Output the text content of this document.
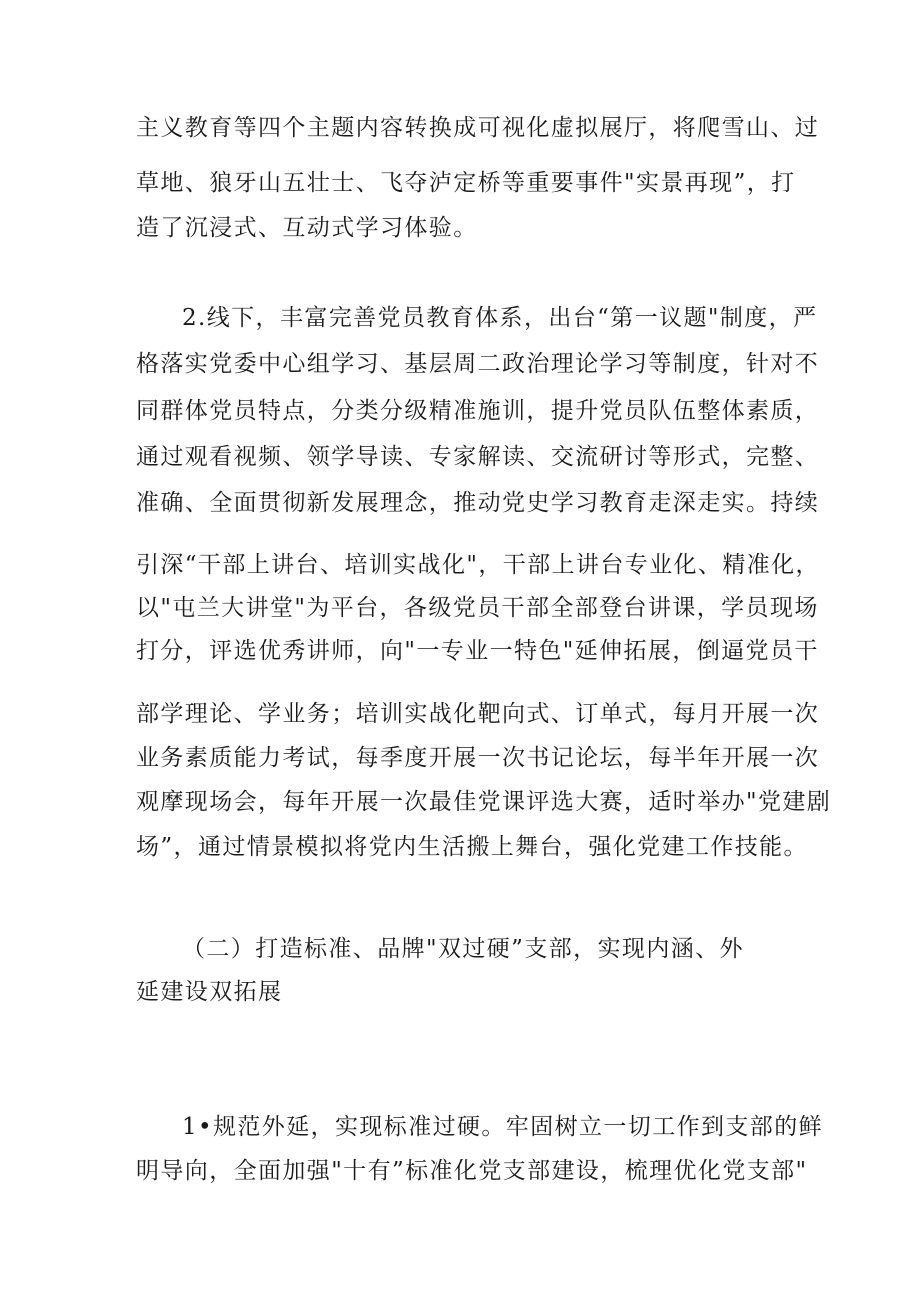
主义教育等四个主题内容转换成可视化虚拟展厅，将爬雪山、过
草地、狼牙山五壮士、飞夺泸定桥等重要事件"实景再现”，打
造了沉浸式、互动式学习体验。
2.线下，丰富完善党员教育体系，出台“第一议题"制度，严
格落实党委中心组学习、基层周二政治理论学习等制度，针对不
同群体党员特点，分类分级精准施训，提升党员队伍整体素质，
通过观看视频、领学导读、专家解读、交流研讨等形式，完整、
准确、全面贯彻新发展理念，推动党史学习教育走深走实。持续
引深“干部上讲台、培训实战化"，干部上讲台专业化、精准化，
以"屯兰大讲堂"为平台，各级党员干部全部登台讲课，学员现场
打分，评选优秀讲师，向"一专业一特色"延伸拓展，倒逼党员干
部学理论、学业务；培训实战化靶向式、订单式，每月开展一次
业务素质能力考试，每季度开展一次书记论坛，每半年开展一次
观摩现场会，每年开展一次最佳党课评选大赛，适时举办"党建剧
场”，通过情景模拟将党内生活搬上舞台，强化党建工作技能。
（二）打造标准、品牌"双过硬”支部，实现内涵、外
延建设双拓展
1•规范外延，实现标准过硬。牢固树立一切工作到支部的鲜
明导向，全面加强"十有”标准化党支部建设，梳理优化党支部"
